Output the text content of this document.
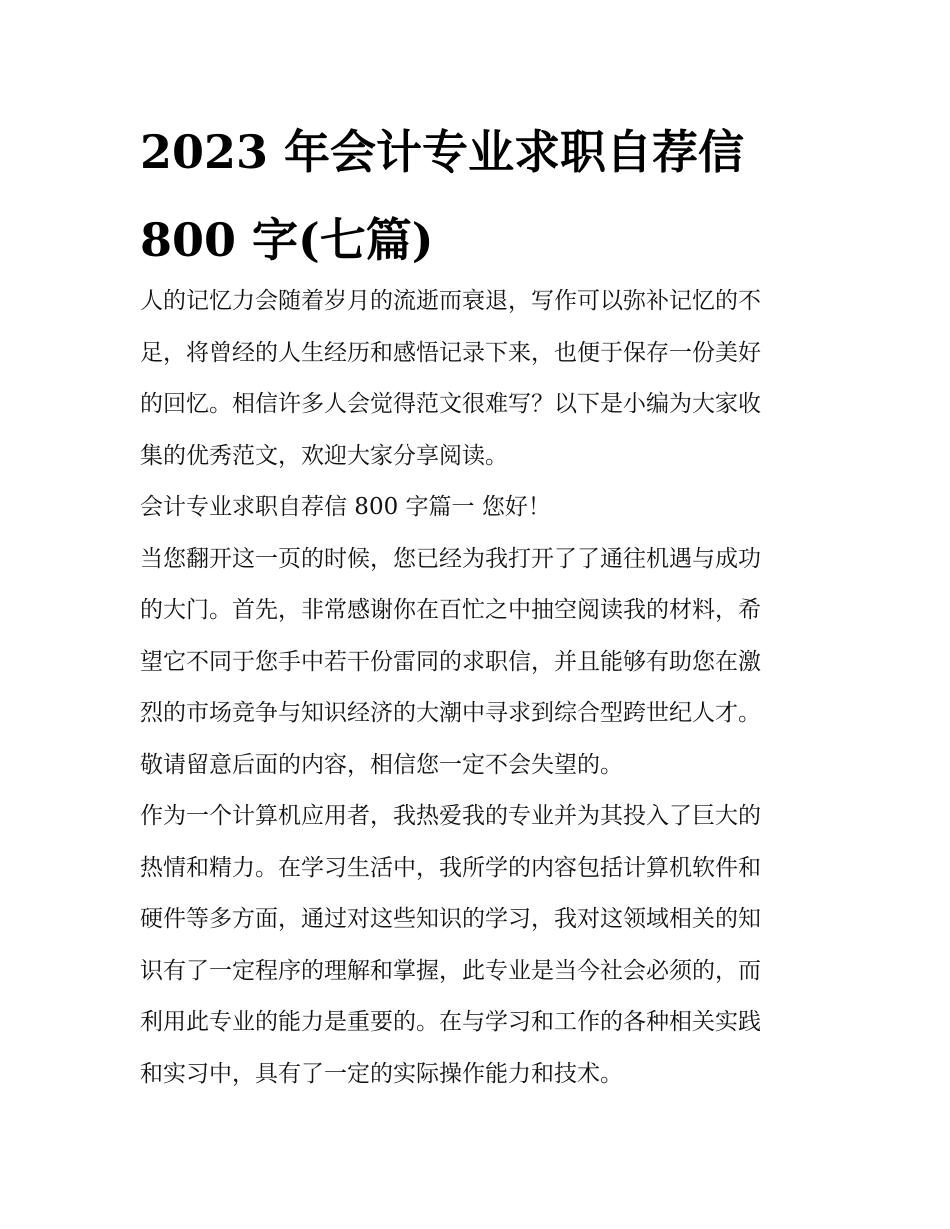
2023 年会计专业求职自荐信
800 字(七篇)

人的记忆力会随着岁月的流逝而衰退，写作可以弥补记忆的不
足，将曾经的人生经历和感悟记录下来，也便于保存一份美好
的回忆。相信许多人会觉得范文很难写？以下是小编为大家收
集的优秀范文，欢迎大家分享阅读。

会计专业求职自荐信 800 字篇一 您好！

当您翻开这一页的时候，您已经为我打开了了通往机遇与成功
的大门。首先，非常感谢你在百忙之中抽空阅读我的材料，希
望它不同于您手中若干份雷同的求职信，并且能够有助您在激
烈的市场竞争与知识经济的大潮中寻求到综合型跨世纪人才。
敬请留意后面的内容，相信您一定不会失望的。

作为一个计算机应用者，我热爱我的专业并为其投入了巨大的
热情和精力。在学习生活中，我所学的内容包括计算机软件和
硬件等多方面，通过对这些知识的学习，我对这领域相关的知
识有了一定程序的理解和掌握，此专业是当今社会必须的，而
利用此专业的能力是重要的。在与学习和工作的各种相关实践
和实习中，具有了一定的实际操作能力和技术。
